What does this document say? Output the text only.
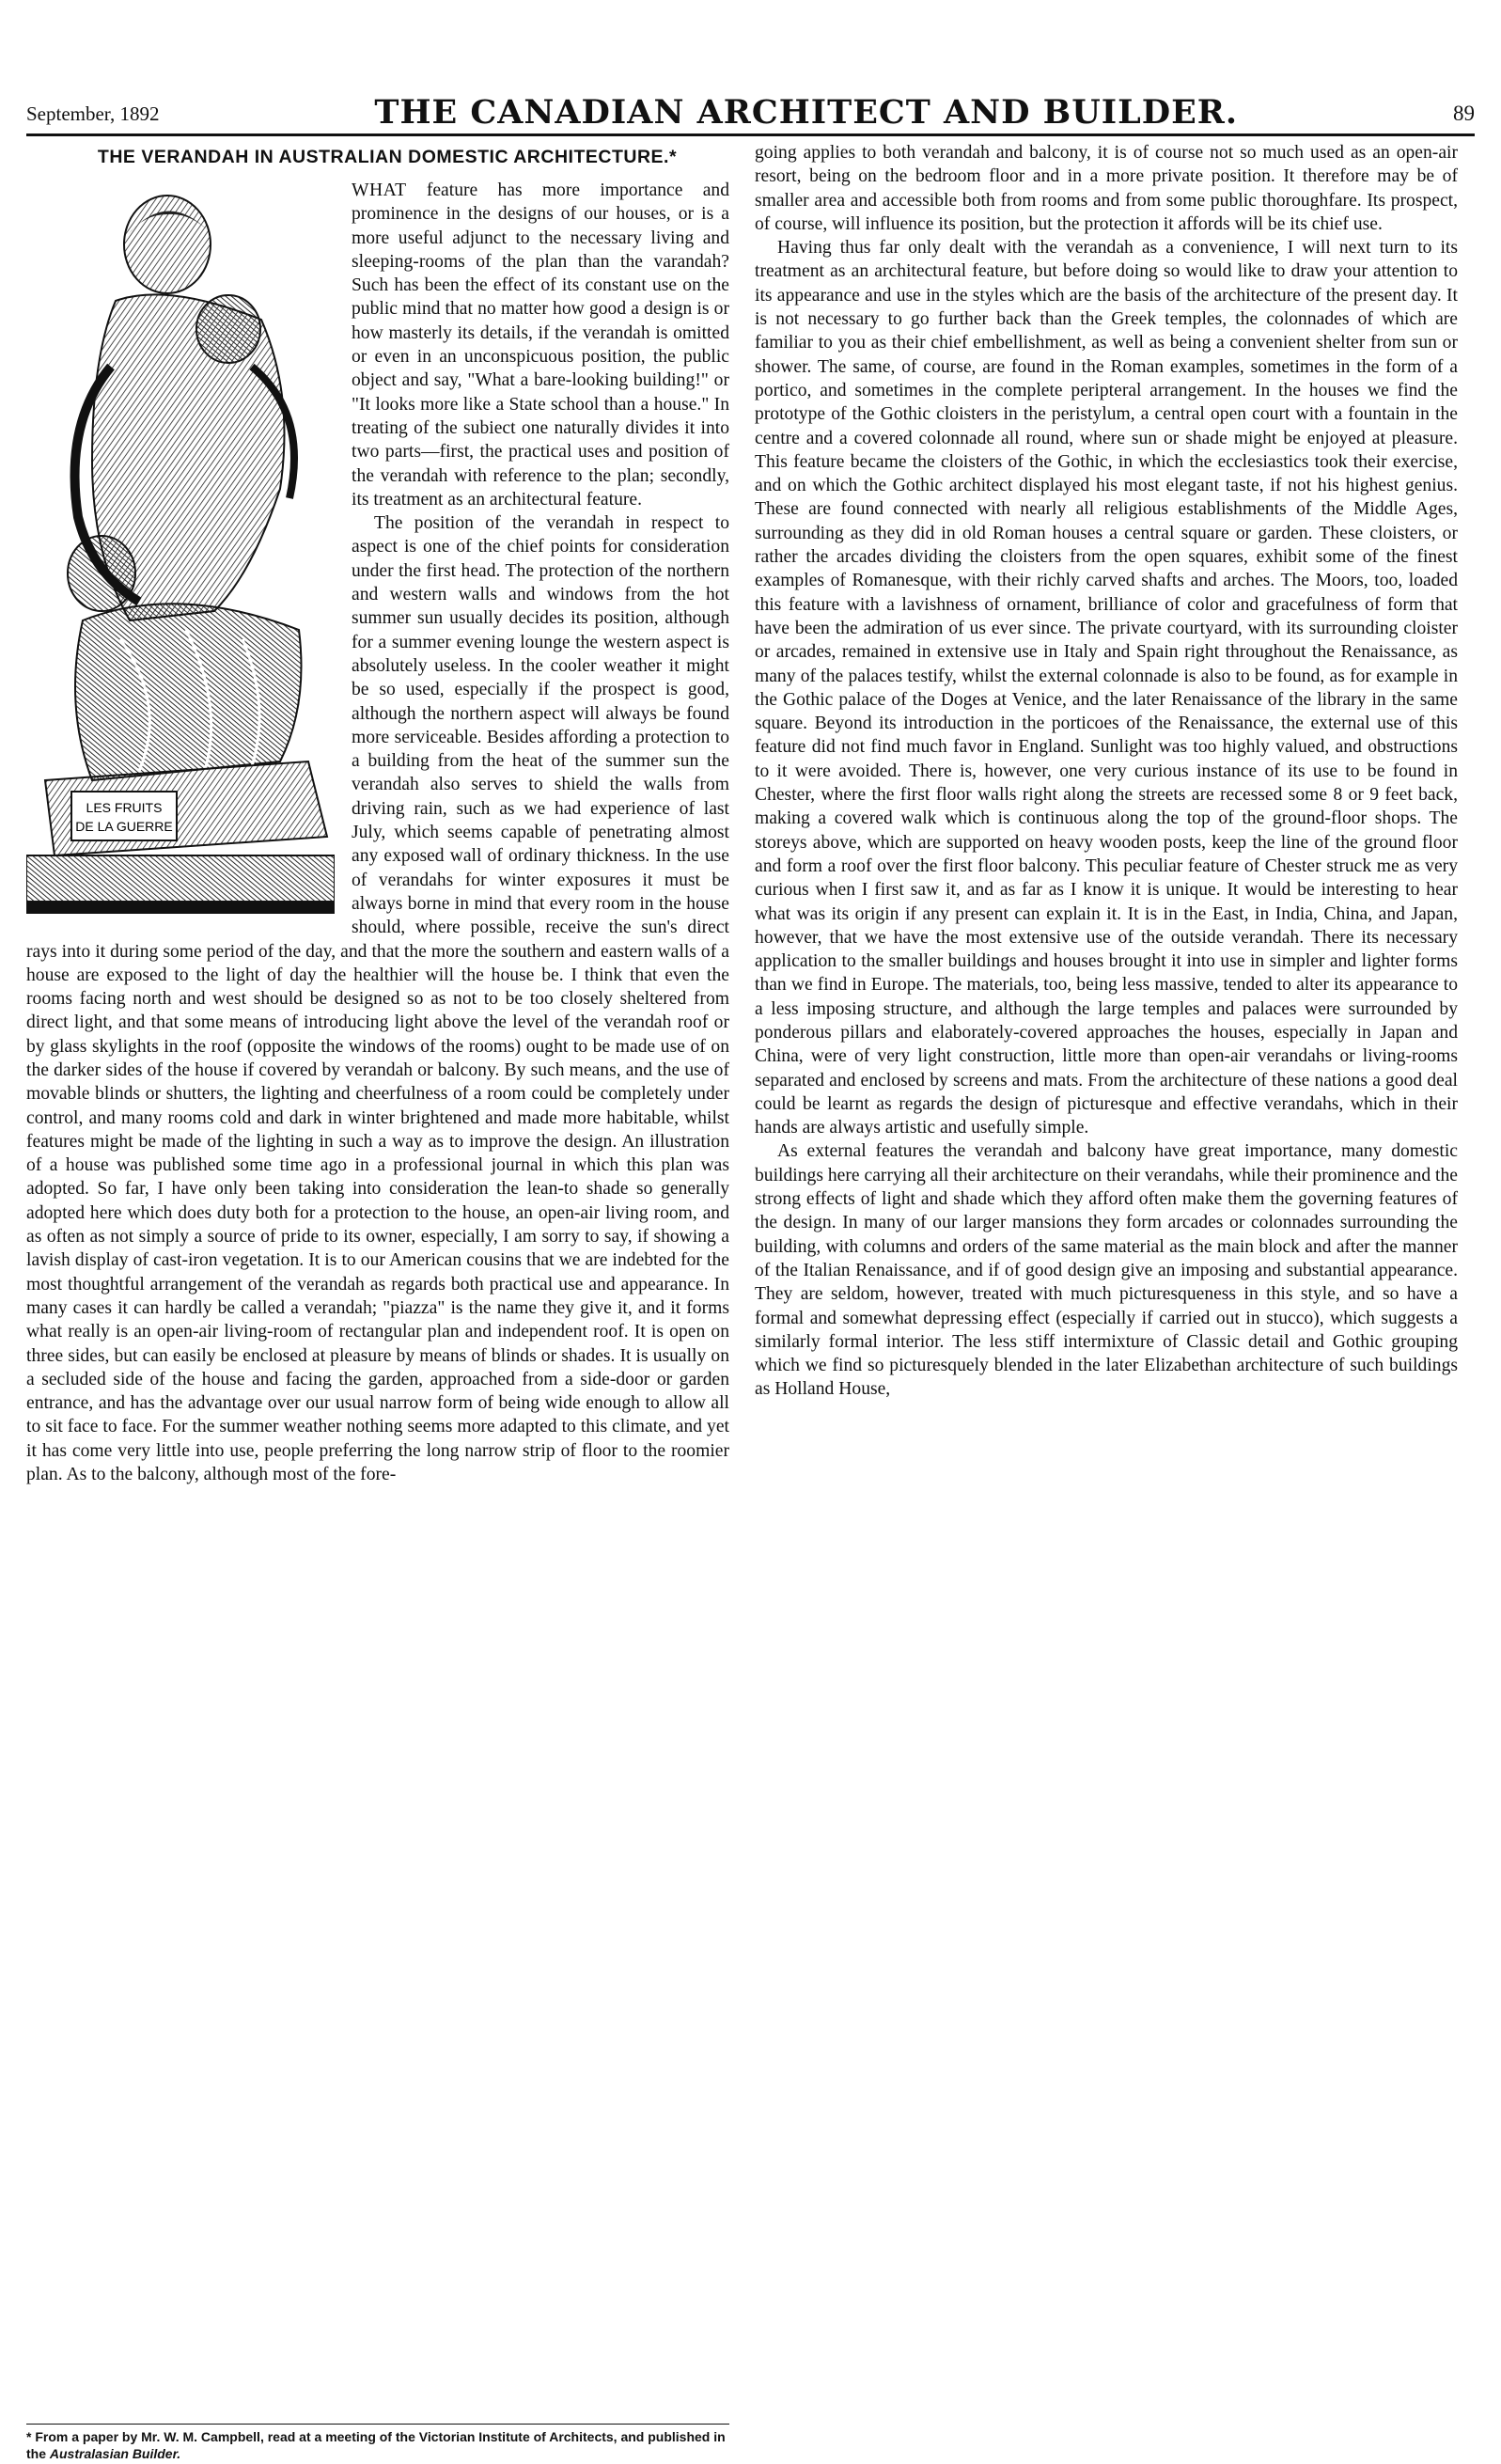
September, 1892	THE CANADIAN ARCHITECT AND BUILDER.	89
THE VERANDAH IN AUSTRALIAN DOMESTIC ARCHITECTURE.*
LES FRUITS
DE LA GUERRE

WHAT feature has more importance and prominence in the designs of our houses, or is a more useful adjunct to the necessary living and sleeping-rooms of the plan than the varandah? Such has been the effect of its constant use on the public mind that no matter how good a design is or how masterly its details, if the verandah is omitted or even in an unconspicuous position, the public object and say, "What a bare-looking building!" or "It looks more like a State school than a house." In treating of the subiect one naturally divides it into two parts—first, the practical uses and position of the verandah with reference to the plan; secondly, its treatment as an architectural feature.

The position of the verandah in respect to aspect is one of the chief points for consideration under the first head. The protection of the northern and western walls and windows from the hot summer sun usually decides its position, although for a summer evening lounge the western aspect is absolutely useless. In the cooler weather it might be so used, especially if the prospect is good, although the northern aspect will always be found more serviceable. Besides affording a protection to a building from the heat of the summer sun the verandah also serves to shield the walls from driving rain, such as we had experience of last July, which seems capable of penetrating almost any exposed wall of ordinary thickness. In the use of verandahs for winter exposures it must be always borne in mind that every room in the house should, where possible, receive the sun's direct rays into it during some period of the day, and that the more the southern and eastern walls of a house are exposed to the light of day the healthier will the house be. I think that even the rooms facing north and west should be designed so as not to be too closely sheltered from direct light, and that some means of introducing light above the level of the verandah roof or by glass skylights in the roof (opposite the windows of the rooms) ought to be made use of on the darker sides of the house if covered by verandah or balcony. By such means, and the use of movable blinds or shutters, the lighting and cheerfulness of a room could be completely under control, and many rooms cold and dark in winter brightened and made more habitable, whilst features might be made of the lighting in such a way as to improve the design. An illustration of a house was published some time ago in a professional journal in which this plan was adopted. So far, I have only been taking into consideration the lean-to shade so generally adopted here which does duty both for a protection to the house, an open-air living room, and as often as not simply a source of pride to its owner, especially, I am sorry to say, if showing a lavish display of cast-iron vegetation. It is to our American cousins that we are indebted for the most thoughtful arrangement of the verandah as regards both practical use and appearance. In many cases it can hardly be called a verandah; "piazza" is the name they give it, and it forms what really is an open-air living-room of rectangular plan and independent roof. It is open on three sides, but can easily be enclosed at pleasure by means of blinds or shades. It is usually on a secluded side of the house and facing the garden, approached from a side-door or garden entrance, and has the advantage over our usual narrow form of being wide enough to allow all to sit face to face. For the summer weather nothing seems more adapted to this climate, and yet it has come very little into use, people preferring the long narrow strip of floor to the roomier plan. As to the balcony, although most of the fore-

going applies to both verandah and balcony, it is of course not so much used as an open-air resort, being on the bedroom floor and in a more private position. It therefore may be of smaller area and accessible both from rooms and from some public thoroughfare. Its prospect, of course, will influence its position, but the protection it affords will be its chief use.

Having thus far only dealt with the verandah as a convenience, I will next turn to its treatment as an architectural feature, but before doing so would like to draw your attention to its appearance and use in the styles which are the basis of the architecture of the present day. It is not necessary to go further back than the Greek temples, the colonnades of which are familiar to you as their chief embellishment, as well as being a convenient shelter from sun or shower. The same, of course, are found in the Roman examples, sometimes in the form of a portico, and sometimes in the complete peripteral arrangement. In the houses we find the prototype of the Gothic cloisters in the peristylum, a central open court with a fountain in the centre and a covered colonnade all round, where sun or shade might be enjoyed at pleasure. This feature became the cloisters of the Gothic, in which the ecclesiastics took their exercise, and on which the Gothic architect displayed his most elegant taste, if not his highest genius. These are found connected with nearly all religious establishments of the Middle Ages, surrounding as they did in old Roman houses a central square or garden. These cloisters, or rather the arcades dividing the cloisters from the open squares, exhibit some of the finest examples of Romanesque, with their richly carved shafts and arches. The Moors, too, loaded this feature with a lavishness of ornament, brilliance of color and gracefulness of form that have been the admiration of us ever since. The private courtyard, with its surrounding cloister or arcades, remained in extensive use in Italy and Spain right throughout the Renaissance, as many of the palaces testify, whilst the external colonnade is also to be found, as for example in the Gothic palace of the Doges at Venice, and the later Renaissance of the library in the same square. Beyond its introduction in the porticoes of the Renaissance, the external use of this feature did not find much favor in England. Sunlight was too highly valued, and obstructions to it were avoided. There is, however, one very curious instance of its use to be found in Chester, where the first floor walls right along the streets are recessed some 8 or 9 feet back, making a covered walk which is continuous along the top of the ground-floor shops. The storeys above, which are supported on heavy wooden posts, keep the line of the ground floor and form a roof over the first floor balcony. This peculiar feature of Chester struck me as very curious when I first saw it, and as far as I know it is unique. It would be interesting to hear what was its origin if any present can explain it. It is in the East, in India, China, and Japan, however, that we have the most extensive use of the outside verandah. There its necessary application to the smaller buildings and houses brought it into use in simpler and lighter forms than we find in Europe. The materials, too, being less massive, tended to alter its appearance to a less imposing structure, and although the large temples and palaces were surrounded by ponderous pillars and elaborately-covered approaches the houses, especially in Japan and China, were of very light construction, little more than open-air verandahs or living-rooms separated and enclosed by screens and mats. From the architecture of these nations a good deal could be learnt as regards the design of picturesque and effective verandahs, which in their hands are always artistic and usefully simple.

As external features the verandah and balcony have great importance, many domestic buildings here carrying all their architecture on their verandahs, while their prominence and the strong effects of light and shade which they afford often make them the governing features of the design. In many of our larger mansions they form arcades or colonnades surrounding the building, with columns and orders of the same material as the main block and after the manner of the Italian Renaissance, and if of good design give an imposing and substantial appearance. They are seldom, however, treated with much picturesqueness in this style, and so have a formal and somewhat depressing effect (especially if carried out in stucco), which suggests a similarly formal interior. The less stiff intermixture of Classic detail and Gothic grouping which we find so picturesquely blended in the later Elizabethan architecture of such buildings as Holland House,

* From a paper by Mr. W. M. Campbell, read at a meeting of the Victorian Institute of Architects, and published in the Australasian Builder.
